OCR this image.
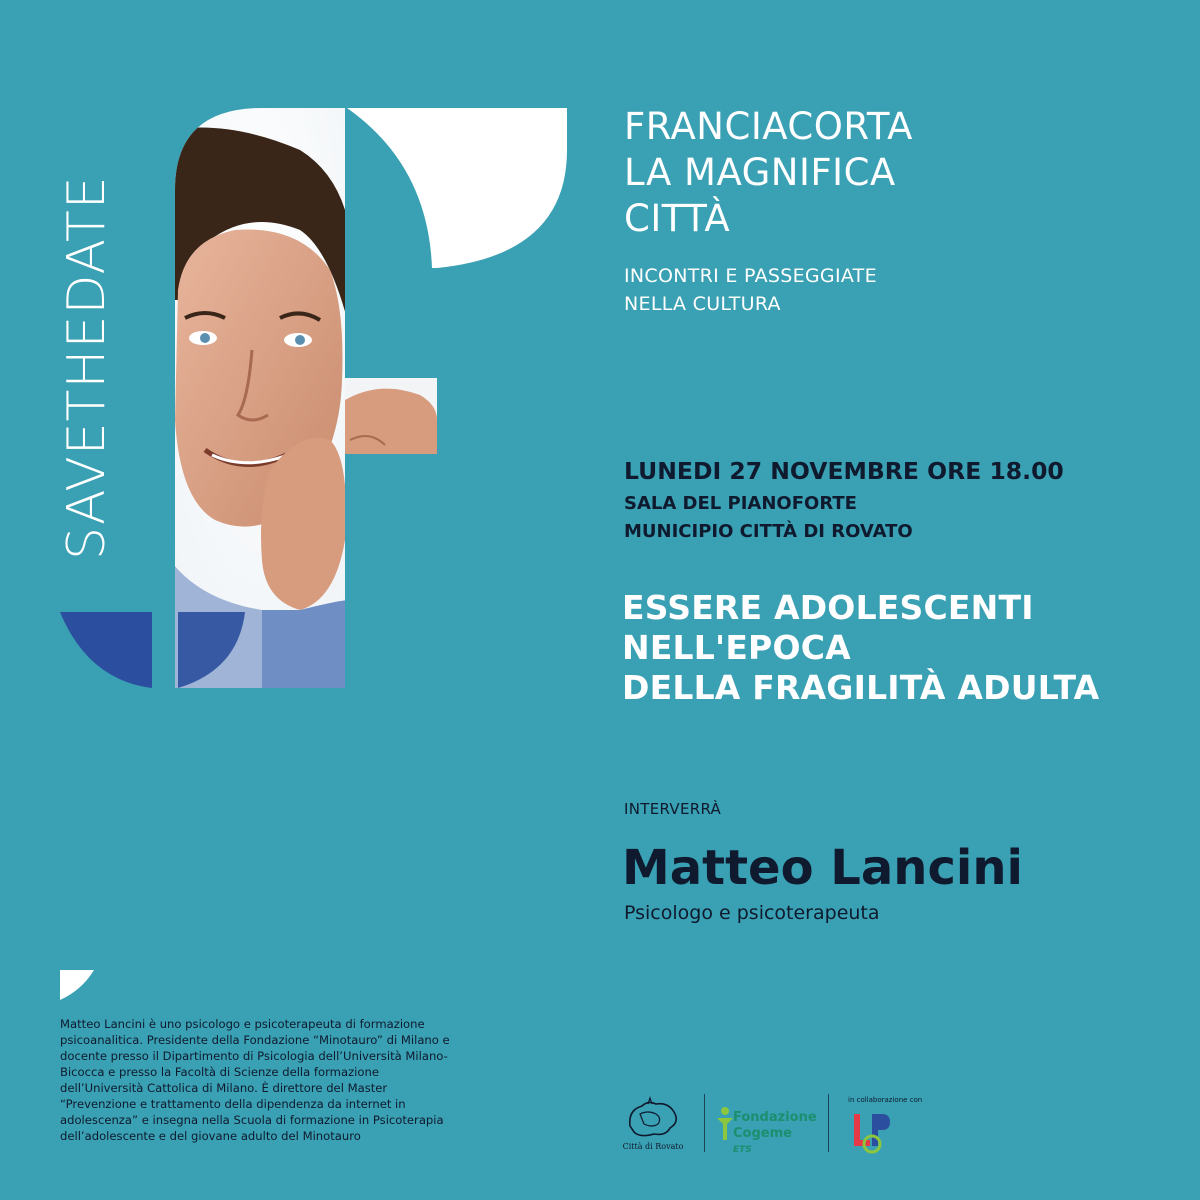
SAVETHEDATE
FRANCIACORTA
LA MAGNIFICA
CITTÀ
INCONTRI E PASSEGGIATE
NELLA CULTURA
LUNEDI 27 NOVEMBRE ORE 18.00
SALA DEL PIANOFORTE
MUNICIPIO CITTÀ DI ROVATO
ESSERE ADOLESCENTI
NELL'EPOCA
DELLA FRAGILITÀ ADULTA
INTERVERRÀ
Matteo Lancini
Psicologo e psicoterapeuta
Matteo Lancini è uno psicologo e psicoterapeuta di formazione psicoanalitica. Presidente della Fondazione “Minotauro” di Milano e docente presso il Dipartimento di Psicologia dell’Università Milano-Bicocca e presso la Facoltà di Scienze della formazione dell’Università Cattolica di Milano. È direttore del Master “Prevenzione e trattamento della dipendenza da internet in adolescenza” e insegna nella Scuola di formazione in Psicoterapia dell’adolescente e del giovane adulto del Minotauro
Città di Rovato
Fondazione
Cogeme ETS
in collaborazione con
